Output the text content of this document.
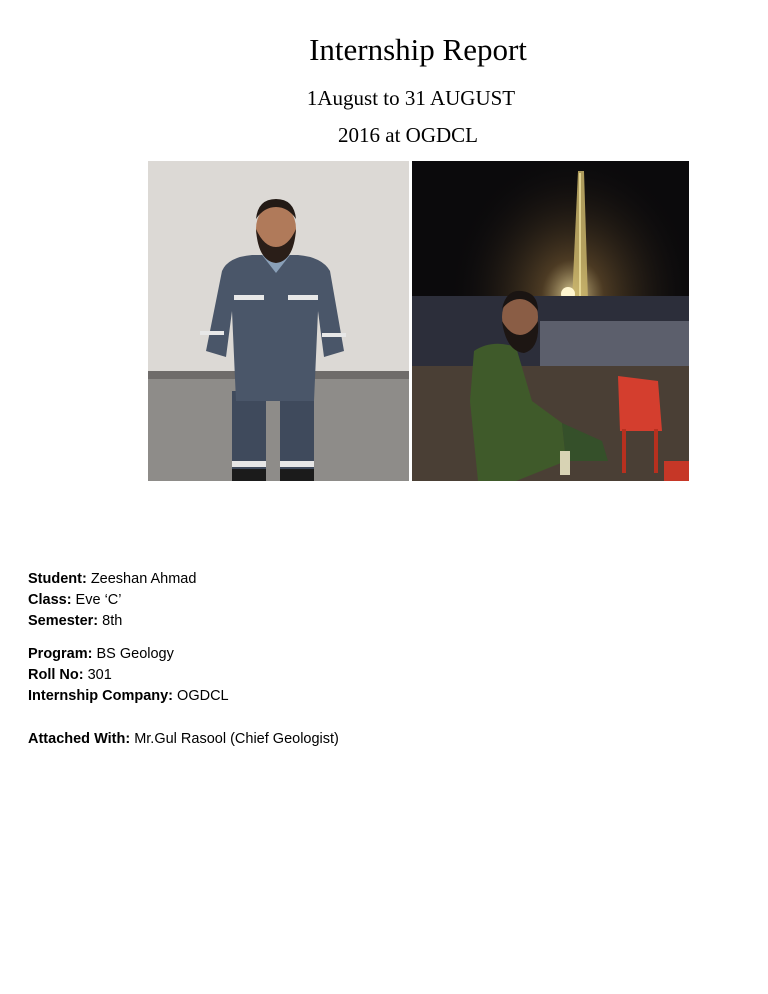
Internship Report
1August to 31 AUGUST
2016 at OGDCL
Student: Zeeshan Ahmad
Class: Eve ‘C’
Semester: 8th
Program: BS Geology
Roll No: 301
Internship Company: OGDCL
Attached With: Mr.Gul Rasool (Chief Geologist)
